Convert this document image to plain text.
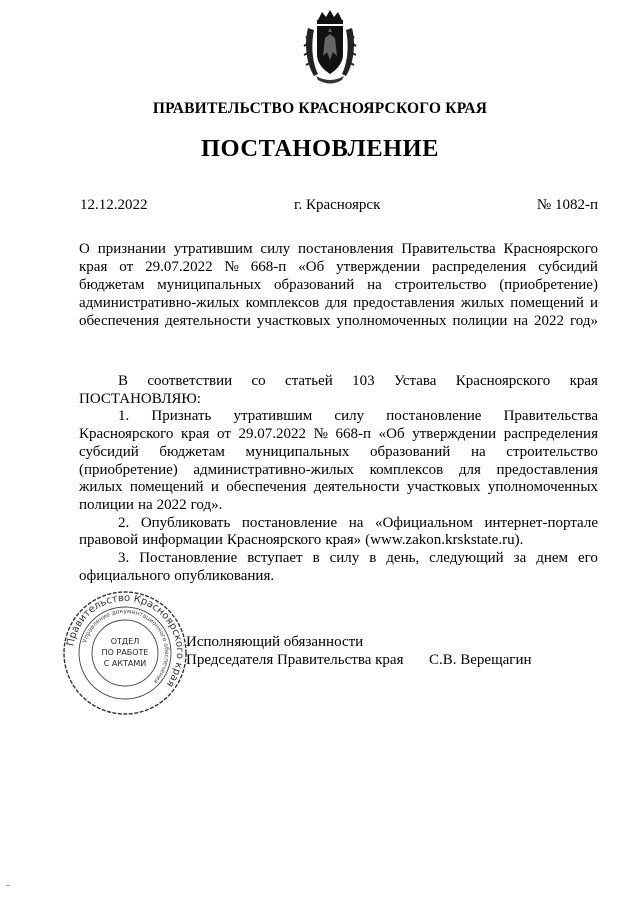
ПРАВИТЕЛЬСТВО КРАСНОЯРСКОГО КРАЯ
ПОСТАНОВЛЕНИЕ
12.12.2022	г. Красноярск	№ 1082-п
О признании утратившим силу постановления Правительства Красноярского
края от 29.07.2022 № 668-п «Об утверждении распределения субсидий
бюджетам муниципальных образований на строительство (приобретение)
административно-жилых комплексов для предоставления жилых помещений и
обеспечения деятельности участковых уполномоченных полиции на 2022 год»
В соответствии со статьей 103 Устава Красноярского края
ПОСТАНОВЛЯЮ:
1. Признать утратившим силу постановление Правительства
Красноярского края от 29.07.2022 № 668-п «Об утверждении распределения
субсидий бюджетам муниципальных образований на строительство
(приобретение) административно-жилых комплексов для предоставления
жилых помещений и обеспечения деятельности участковых уполномоченных
полиции на 2022 год».
2. Опубликовать постановление на «Официальном интернет-портале
правовой информации Красноярского края» (www.zakon.krskstate.ru).
3. Постановление вступает в силу в день, следующий за днем его
официального опубликования.
Правительство Красноярского края
Управление документационного обеспечения
ОТДЕЛ
ПО РАБОТЕ
С АКТАМИ
Исполняющий обязанности
Председателя Правительства края С.В. Верещагин
